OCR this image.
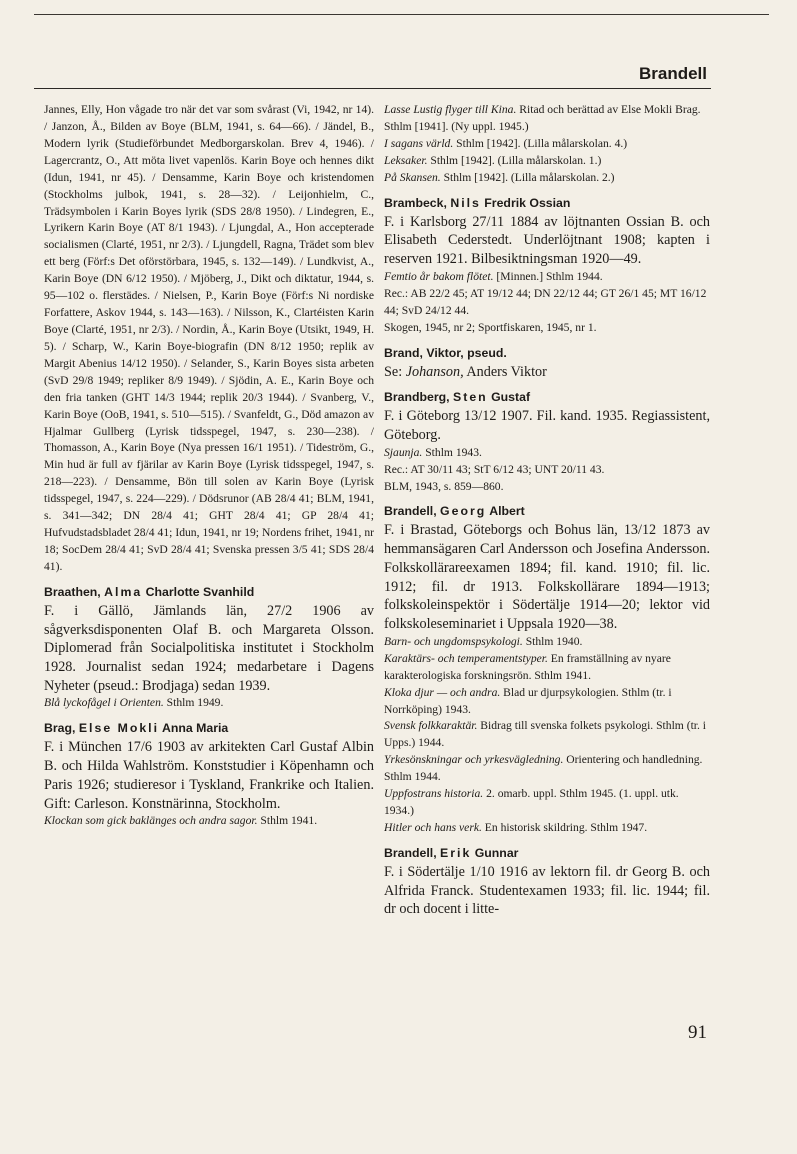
Brandell

Jannes, Elly, Hon vågade tro när det var som svårast (Vi, 1942, nr 14). / Janzon, Å., Bilden av Boye (BLM, 1941, s. 64—66). / Jändel, B., Modern lyrik (Studieförbundet Medborgarskolan. Brev 4, 1946). / Lagercrantz, O., Att möta livet vapenlös. Karin Boye och hennes dikt (Idun, 1941, nr 45). / Densamme, Karin Boye och kristendomen (Stockholms julbok, 1941, s. 28—32). / Leijonhielm, C., Trädsymbolen i Karin Boyes lyrik (SDS 28/8 1950). / Lindegren, E., Lyrikern Karin Boye (AT 8/1 1943). / Ljungdal, A., Hon accepterade socialismen (Clarté, 1951, nr 2/3). / Ljungdell, Ragna, Trädet som blev ett berg (Förf:s Det oförstörbara, 1945, s. 132—149). / Lundkvist, A., Karin Boye (DN 6/12 1950). / Mjöberg, J., Dikt och diktatur, 1944, s. 95—102 o. flerstädes. / Nielsen, P., Karin Boye (Förf:s Ni nordiske Forfattere, Askov 1944, s. 143—163). / Nilsson, K., Clartéisten Karin Boye (Clarté, 1951, nr 2/3). / Nordin, Å., Karin Boye (Utsikt, 1949, H. 5). / Scharp, W., Karin Boye-biografin (DN 8/12 1950; replik av Margit Abenius 14/12 1950). / Selander, S., Karin Boyes sista arbeten (SvD 29/8 1949; repliker 8/9 1949). / Sjödin, A. E., Karin Boye och den fria tanken (GHT 14/3 1944; replik 20/3 1944). / Svanberg, V., Karin Boye (OoB, 1941, s. 510—515). / Svanfeldt, G., Död amazon av Hjalmar Gullberg (Lyrisk tidsspegel, 1947, s. 230—238). / Thomasson, A., Karin Boye (Nya pressen 16/1 1951). / Tideström, G., Min hud är full av fjärilar av Karin Boye (Lyrisk tidsspegel, 1947, s. 218—223). / Densamme, Bön till solen av Karin Boye (Lyrisk tidsspegel, 1947, s. 224—229). / Dödsrunor (AB 28/4 41; BLM, 1941, s. 341—342; DN 28/4 41; GHT 28/4 41; GP 28/4 41; Hufvudstadsbladet 28/4 41; Idun, 1941, nr 19; Nordens frihet, 1941, nr 18; SocDem 28/4 41; SvD 28/4 41; Svenska pressen 3/5 41; SDS 28/4 41).

Braathen, Alma Charlotte Svanhild

F. i Gällö, Jämlands län, 27/2 1906 av sågverksdisponenten Olaf B. och Margareta Olsson. Diplomerad från Socialpolitiska institutet i Stockholm 1928. Journalist sedan 1924; medarbetare i Dagens Nyheter (pseud.: Brodjaga) sedan 1939.

Blå lyckofågel i Orienten. Sthlm 1949.

Brag, Else Mokli Anna Maria

F. i München 17/6 1903 av arkitekten Carl Gustaf Albin B. och Hilda Wahlström. Konststudier i Köpenhamn och Paris 1926; studieresor i Tyskland, Frankrike och Italien. Gift: Carleson. Konstnärinna, Stockholm.

Klockan som gick baklänges och andra sagor. Sthlm 1941.

Lasse Lustig flyger till Kina. Ritad och berättad av Else Mokli Brag. Sthlm [1941]. (Ny uppl. 1945.)

I sagans värld. Sthlm [1942]. (Lilla målarskolan. 4.)

Leksaker. Sthlm [1942]. (Lilla målarskolan. 1.)

På Skansen. Sthlm [1942]. (Lilla målarskolan. 2.)

Brambeck, Nils Fredrik Ossian

F. i Karlsborg 27/11 1884 av löjtnanten Ossian B. och Elisabeth Cederstedt. Underlöjtnant 1908; kapten i reserven 1921. Bilbesiktningsman 1920—49.

Femtio år bakom flötet. [Minnen.] Sthlm 1944.

Rec.: AB 22/2 45; AT 19/12 44; DN 22/12 44; GT 26/1 45; MT 16/12 44; SvD 24/12 44.

Skogen, 1945, nr 2; Sportfiskaren, 1945, nr 1.

Brand, Viktor, pseud.

Se: Johanson, Anders Viktor

Brandberg, Sten Gustaf

F. i Göteborg 13/12 1907. Fil. kand. 1935. Regiassistent, Göteborg.

Sjaunja. Sthlm 1943.

Rec.: AT 30/11 43; StT 6/12 43; UNT 20/11 43.

BLM, 1943, s. 859—860.

Brandell, Georg Albert

F. i Brastad, Göteborgs och Bohus län, 13/12 1873 av hemmansägaren Carl Andersson och Josefina Andersson. Folkskollärareexamen 1894; fil. kand. 1910; fil. lic. 1912; fil. dr 1913. Folkskollärare 1894—1913; folkskoleinspektör i Södertälje 1914—20; lektor vid folkskoleseminariet i Uppsala 1920—38.

Barn- och ungdomspsykologi. Sthlm 1940.

Karaktärs- och temperamentstyper. En framställning av nyare karakterologiska forskningsrön. Sthlm 1941.

Kloka djur — och andra. Blad ur djurpsykologien. Sthlm (tr. i Norrköping) 1943.

Svensk folkkaraktär. Bidrag till svenska folkets psykologi. Sthlm (tr. i Upps.) 1944.

Yrkesönskningar och yrkesvägledning. Orientering och handledning. Sthlm 1944.

Uppfostrans historia. 2. omarb. uppl. Sthlm 1945. (1. uppl. utk. 1934.)

Hitler och hans verk. En historisk skildring. Sthlm 1947.

Brandell, Erik Gunnar

F. i Södertälje 1/10 1916 av lektorn fil. dr Georg B. och Alfrida Franck. Studentexamen 1933; fil. lic. 1944; fil. dr och docent i litte-

91
